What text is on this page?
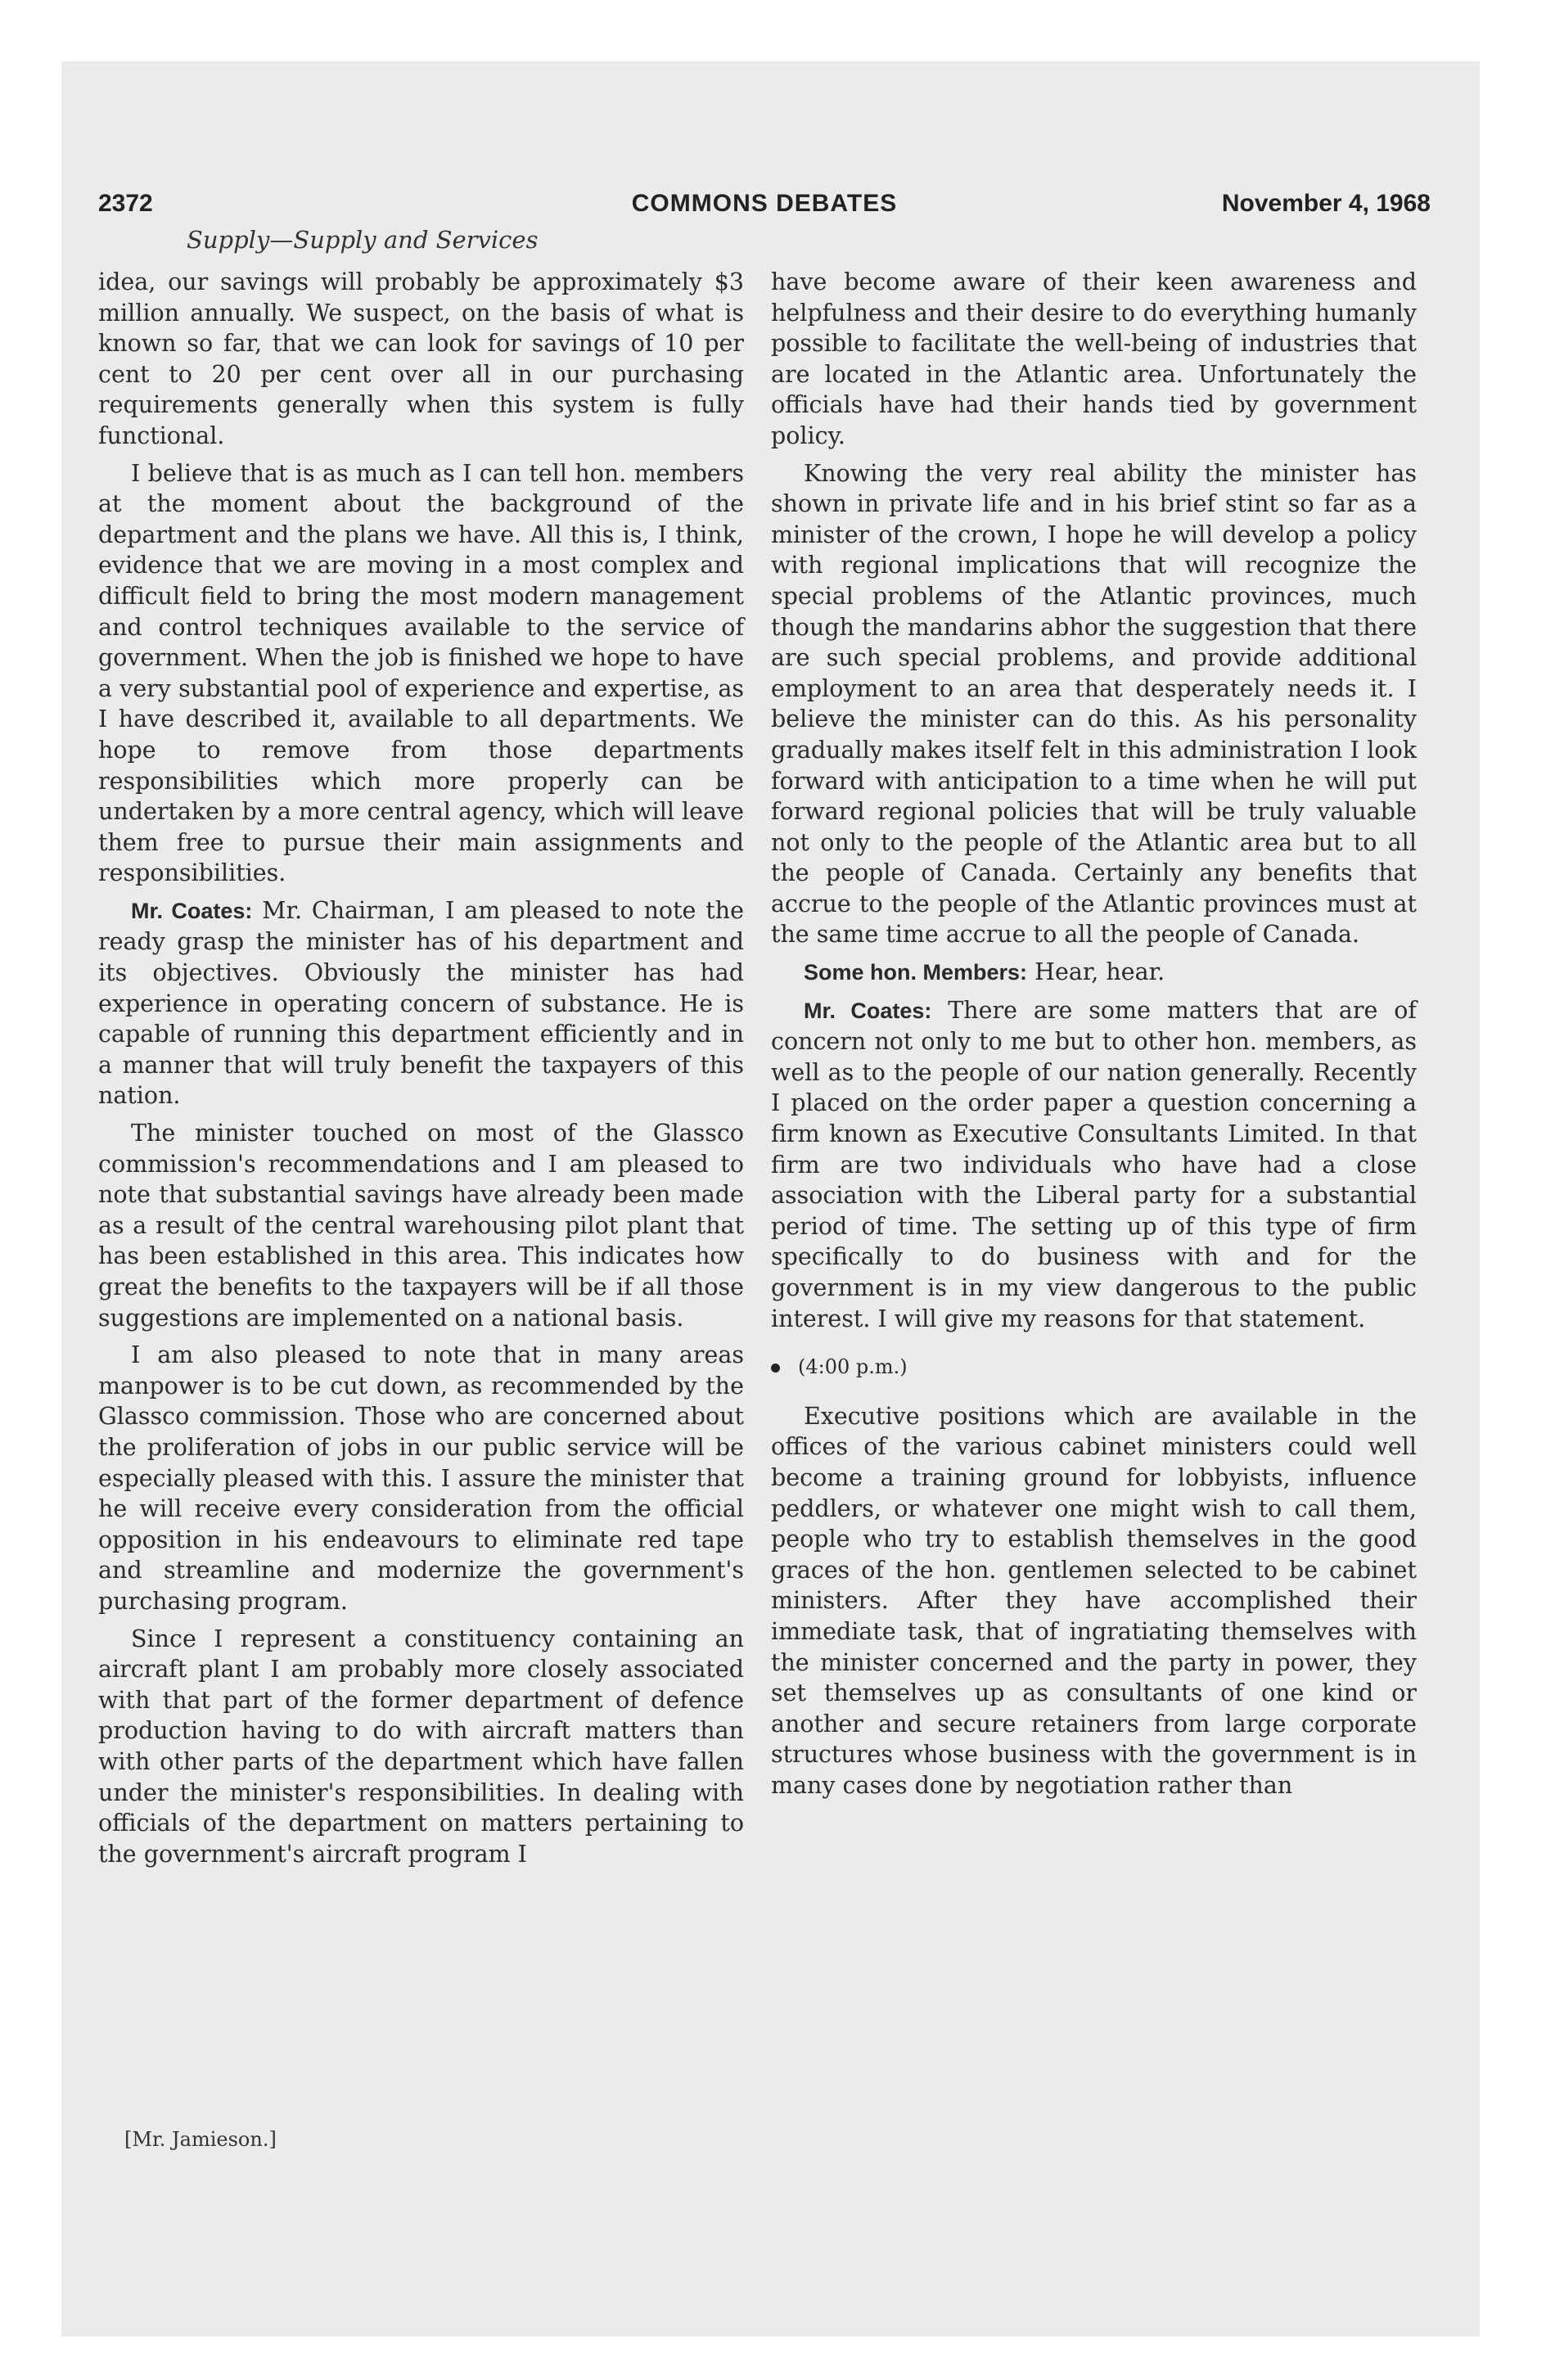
2372	COMMONS DEBATES	November 4, 1968
Supply—Supply and Services

idea, our savings will probably be approximately $3 million annually. We suspect, on the basis of what is known so far, that we can look for savings of 10 per cent to 20 per cent over all in our purchasing requirements generally when this system is fully functional.

I believe that is as much as I can tell hon. members at the moment about the background of the department and the plans we have. All this is, I think, evidence that we are moving in a most complex and difficult field to bring the most modern management and control techniques available to the service of government. When the job is finished we hope to have a very substantial pool of experience and expertise, as I have described it, available to all departments. We hope to remove from those departments responsibilities which more properly can be undertaken by a more central agency, which will leave them free to pursue their main assignments and responsibilities.

Mr. Coates: Mr. Chairman, I am pleased to note the ready grasp the minister has of his department and its objectives. Obviously the minister has had experience in operating concern of substance. He is capable of running this department efficiently and in a manner that will truly benefit the taxpayers of this nation.

The minister touched on most of the Glassco commission's recommendations and I am pleased to note that substantial savings have already been made as a result of the central warehousing pilot plant that has been established in this area. This indicates how great the benefits to the taxpayers will be if all those suggestions are implemented on a national basis.

I am also pleased to note that in many areas manpower is to be cut down, as recommended by the Glassco commission. Those who are concerned about the proliferation of jobs in our public service will be especially pleased with this. I assure the minister that he will receive every consideration from the official opposition in his endeavours to eliminate red tape and streamline and modernize the government's purchasing program.

Since I represent a constituency containing an aircraft plant I am probably more closely associated with that part of the former department of defence production having to do with aircraft matters than with other parts of the department which have fallen under the minister's responsibilities. In dealing with officials of the department on matters pertaining to the government's aircraft program I

have become aware of their keen awareness and helpfulness and their desire to do everything humanly possible to facilitate the well-being of industries that are located in the Atlantic area. Unfortunately the officials have had their hands tied by government policy.

Knowing the very real ability the minister has shown in private life and in his brief stint so far as a minister of the crown, I hope he will develop a policy with regional implications that will recognize the special problems of the Atlantic provinces, much though the mandarins abhor the suggestion that there are such special problems, and provide additional employment to an area that desperately needs it. I believe the minister can do this. As his personality gradually makes itself felt in this administration I look forward with anticipation to a time when he will put forward regional policies that will be truly valuable not only to the people of the Atlantic area but to all the people of Canada. Certainly any benefits that accrue to the people of the Atlantic provinces must at the same time accrue to all the people of Canada.

Some hon. Members: Hear, hear.

Mr. Coates: There are some matters that are of concern not only to me but to other hon. members, as well as to the people of our nation generally. Recently I placed on the order paper a question concerning a firm known as Executive Consultants Limited. In that firm are two individuals who have had a close association with the Liberal party for a substantial period of time. The setting up of this type of firm specifically to do business with and for the government is in my view dangerous to the public interest. I will give my reasons for that statement.

(4:00 p.m.)

Executive positions which are available in the offices of the various cabinet ministers could well become a training ground for lobbyists, influence peddlers, or whatever one might wish to call them, people who try to establish themselves in the good graces of the hon. gentlemen selected to be cabinet ministers. After they have accomplished their immediate task, that of ingratiating themselves with the minister concerned and the party in power, they set themselves up as consultants of one kind or another and secure retainers from large corporate structures whose business with the government is in many cases done by negotiation rather than

[Mr. Jamieson.]
